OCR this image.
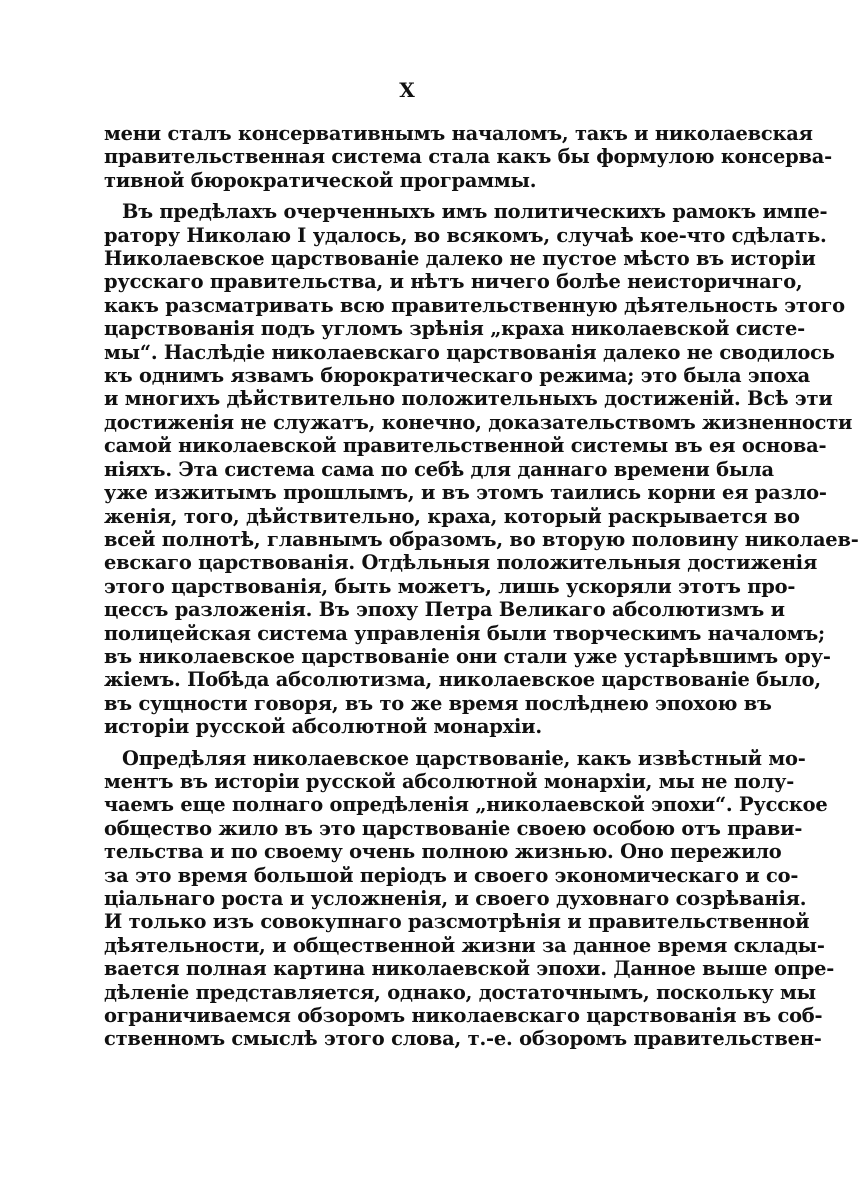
X

мени сталъ консервативнымъ началомъ, такъ и николаевская
правительственная система стала какъ бы формулою консерва-
тивной бюрократической программы.

Въ предѣлахъ очерченныхъ имъ политическихъ рамокъ импе-
ратору Николаю I удалось, во всякомъ, случаѣ кое-что сдѣлать.
Николаевское царствованіе далеко не пустое мѣсто въ исторіи
русскаго правительства, и нѣтъ ничего болѣе неисторичнаго,
какъ разсматривать всю правительственную дѣятельность этого
царствованія подъ угломъ зрѣнія „краха николаевской систе-
мы“. Наслѣдіе николаевскаго царствованія далеко не сводилось
къ однимъ язвамъ бюрократическаго режима; это была эпоха
и многихъ дѣйствительно положительныхъ достиженій. Всѣ эти
достиженія не служатъ, конечно, доказательствомъ жизненности
самой николаевской правительственной системы въ ея основа-
ніяхъ. Эта система сама по себѣ для даннаго времени была
уже изжитымъ прошлымъ, и въ этомъ таились корни ея разло-
женія, того, дѣйствительно, краха, который раскрывается во
всей полнотѣ, главнымъ образомъ, во вторую половину николаев-
евскаго царствованія. Отдѣльныя положительныя достиженія
этого царствованія, быть можетъ, лишь ускоряли этотъ про-
цессъ разложенія. Въ эпоху Петра Великаго абсолютизмъ и
полицейская система управленія были творческимъ началомъ;
въ николаевское царствованіе они стали уже устарѣвшимъ ору-
жіемъ. Побѣда абсолютизма, николаевское царствованіе было,
въ сущности говоря, въ то же время послѣднею эпохою въ
исторіи русской абсолютной монархіи.

Опредѣляя николаевское царствованіе, какъ извѣстный мо-
ментъ въ исторіи русской абсолютной монархіи, мы не полу-
чаемъ еще полнаго опредѣленія „николаевской эпохи“. Русское
общество жило въ это царствованіе своею особою отъ прави-
тельства и по своему очень полною жизнью. Оно пережило
за это время большой періодъ и своего экономическаго и со-
ціальнаго роста и усложненія, и своего духовнаго созрѣванія.
И только изъ совокупнаго разсмотрѣнія и правительственной
дѣятельности, и общественной жизни за данное время склады-
вается полная картина николаевской эпохи. Данное выше опре-
дѣленіе представляется, однако, достаточнымъ, поскольку мы
ограничиваемся обзоромъ николаевскаго царствованія въ соб-
ственномъ смыслѣ этого слова, т.-е. обзоромъ правительствен-
